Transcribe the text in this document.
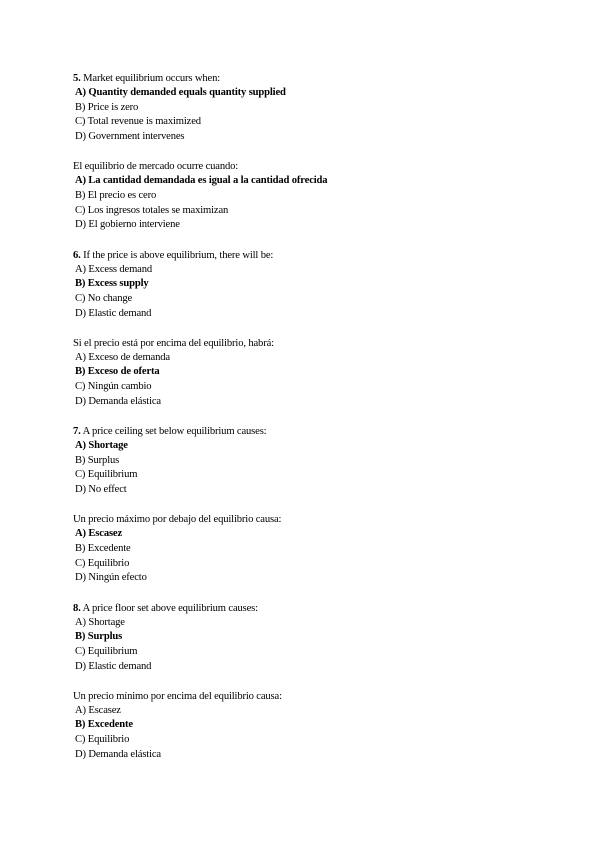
5. Market equilibrium occurs when:
A) Quantity demanded equals quantity supplied
B) Price is zero
C) Total revenue is maximized
D) Government intervenes
El equilibrio de mercado ocurre cuando:
A) La cantidad demandada es igual a la cantidad ofrecida
B) El precio es cero
C) Los ingresos totales se maximizan
D) El gobierno interviene
6. If the price is above equilibrium, there will be:
A) Excess demand
B) Excess supply
C) No change
D) Elastic demand
Si el precio está por encima del equilibrio, habrá:
A) Exceso de demanda
B) Exceso de oferta
C) Ningún cambio
D) Demanda elástica
7. A price ceiling set below equilibrium causes:
A) Shortage
B) Surplus
C) Equilibrium
D) No effect
Un precio máximo por debajo del equilibrio causa:
A) Escasez
B) Excedente
C) Equilibrio
D) Ningún efecto
8. A price floor set above equilibrium causes:
A) Shortage
B) Surplus
C) Equilibrium
D) Elastic demand
Un precio mínimo por encima del equilibrio causa:
A) Escasez
B) Excedente
C) Equilibrio
D) Demanda elástica
